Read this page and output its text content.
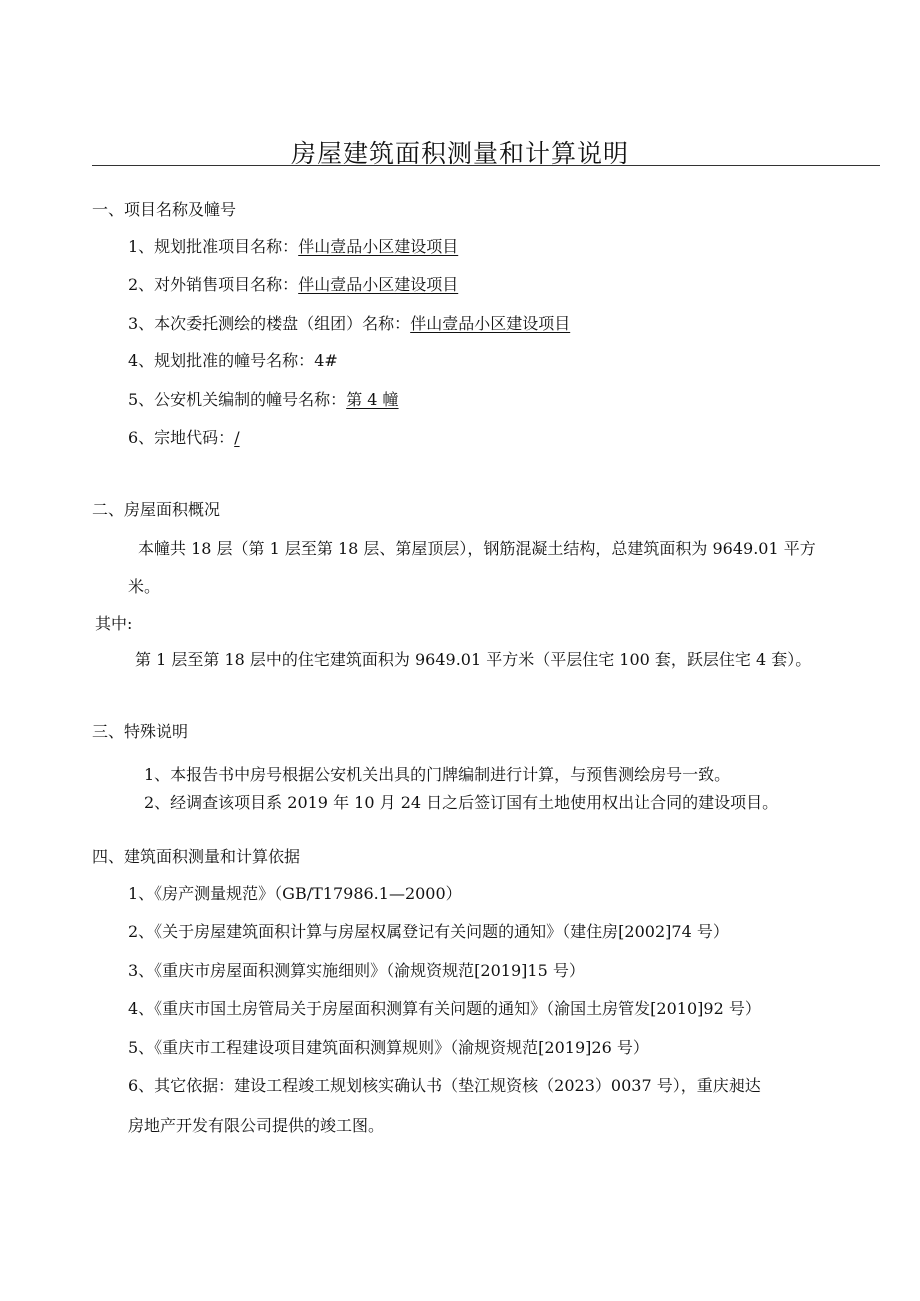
房屋建筑面积测量和计算说明
一、项目名称及幢号
1、规划批准项目名称：伴山壹品小区建设项目
2、对外销售项目名称：伴山壹品小区建设项目
3、本次委托测绘的楼盘（组团）名称：伴山壹品小区建设项目
4、规划批准的幢号名称：4#
5、公安机关编制的幢号名称：第 4 幢
6、宗地代码：/
二、房屋面积概况
本幢共 18 层（第 1 层至第 18 层、第屋顶层），钢筋混凝土结构，总建筑面积为 9649.01 平方
米。
其中:
第 1 层至第 18 层中的住宅建筑面积为 9649.01 平方米（平层住宅 100 套，跃层住宅 4 套）。
三、特殊说明
1、本报告书中房号根据公安机关出具的门牌编制进行计算，与预售测绘房号一致。
2、经调查该项目系 2019 年 10 月 24 日之后签订国有土地使用权出让合同的建设项目。
四、建筑面积测量和计算依据
1、《房产测量规范》（GB/T17986.1—2000）
2、《关于房屋建筑面积计算与房屋权属登记有关问题的通知》（建住房[2002]74 号）
3、《重庆市房屋面积测算实施细则》（渝规资规范[2019]15 号）
4、《重庆市国土房管局关于房屋面积测算有关问题的通知》（渝国土房管发[2010]92 号）
5、《重庆市工程建设项目建筑面积测算规则》（渝规资规范[2019]26 号）
6、其它依据：建设工程竣工规划核实确认书（垫江规资核（2023）0037 号），重庆昶达
房地产开发有限公司提供的竣工图。
